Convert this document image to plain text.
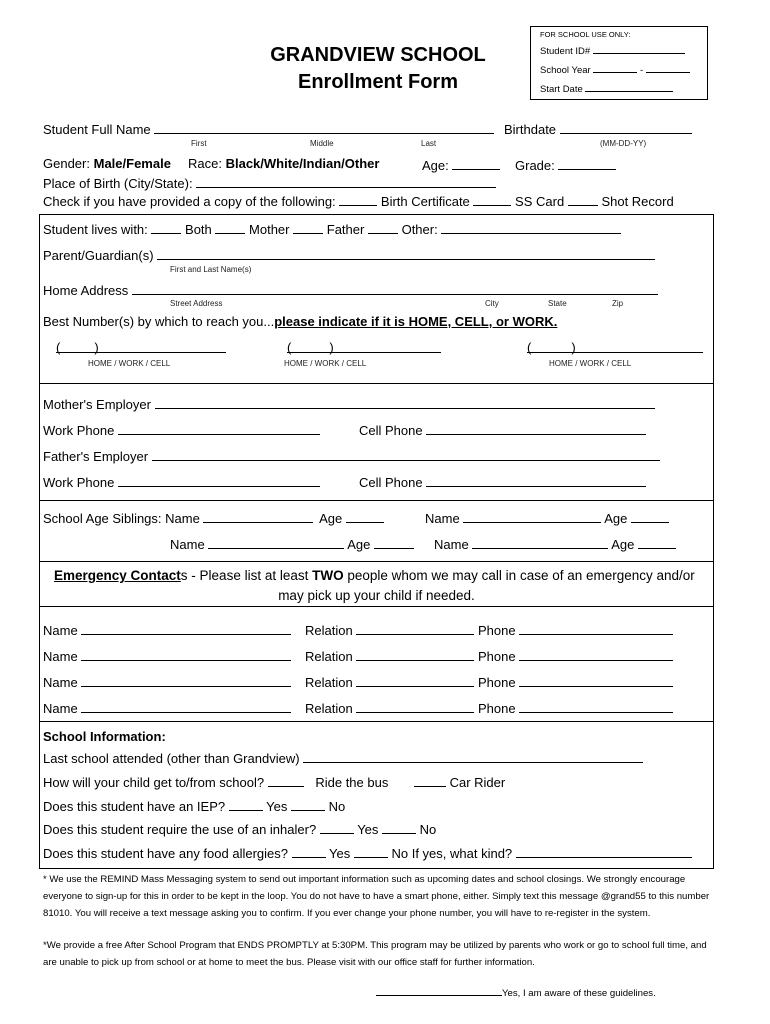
FOR SCHOOL USE ONLY:
Student ID#
School Year	-
Start Date
GRANDVIEW SCHOOL
Enrollment Form
Student Full Name	Birthdate
First	Middle	Last	(MM-DD-YY)
Gender: Male/Female Race: Black/White/Indian/Other	Age:	Grade:
Place of Birth (City/State):
Check if you have provided a copy of the following:	Birth Certificate	SS Card	Shot Record
Student lives with:	Both	Mother	Father	Other:
Parent/Guardian(s)
First and Last Name(s)
Home Address
Street Address	City	State	Zip
Best Number(s) by which to reach you...please indicate if it is HOME, CELL, or WORK.
(	)	(	)	(	)
HOME / WORK / CELL	HOME / WORK / CELL	HOME / WORK / CELL
Mother's Employer
Work Phone	Cell Phone
Father's Employer
Work Phone	Cell Phone
School Age Siblings: Name	Age	Name	Age
Name	Age	Name	Age
Emergency Contacts - Please list at least TWO people whom we may call in case of an emergency and/or
may pick up your child if needed.
Name	Relation	Phone
Name	Relation	Phone
Name	Relation	Phone
Name	Relation	Phone
School Information:
Last school attended (other than Grandview)
How will your child get to/from school?	Ride the bus	Car Rider
Does this student have an IEP?	Yes	No
Does this student require the use of an inhaler?	Yes	No
Does this student have any food allergies?	Yes	No If yes, what kind?
* We use the REMIND Mass Messaging system to send out important information such as upcoming dates and school closings. We strongly encourage everyone to sign-up for this in order to be kept in the loop. You do not have to have a smart phone, either. Simply text this message @grand55 to this number 81010. You will receive a text message asking you to confirm. If you ever change your phone number, you will have to re-register in the system.
*We provide a free After School Program that ENDS PROMPTLY at 5:30PM. This program may be utilized by parents who work or go to school full time, and are unable to pick up from school or at home to meet the bus. Please visit with our office staff for further information.
Yes, I am aware of these guidelines.
